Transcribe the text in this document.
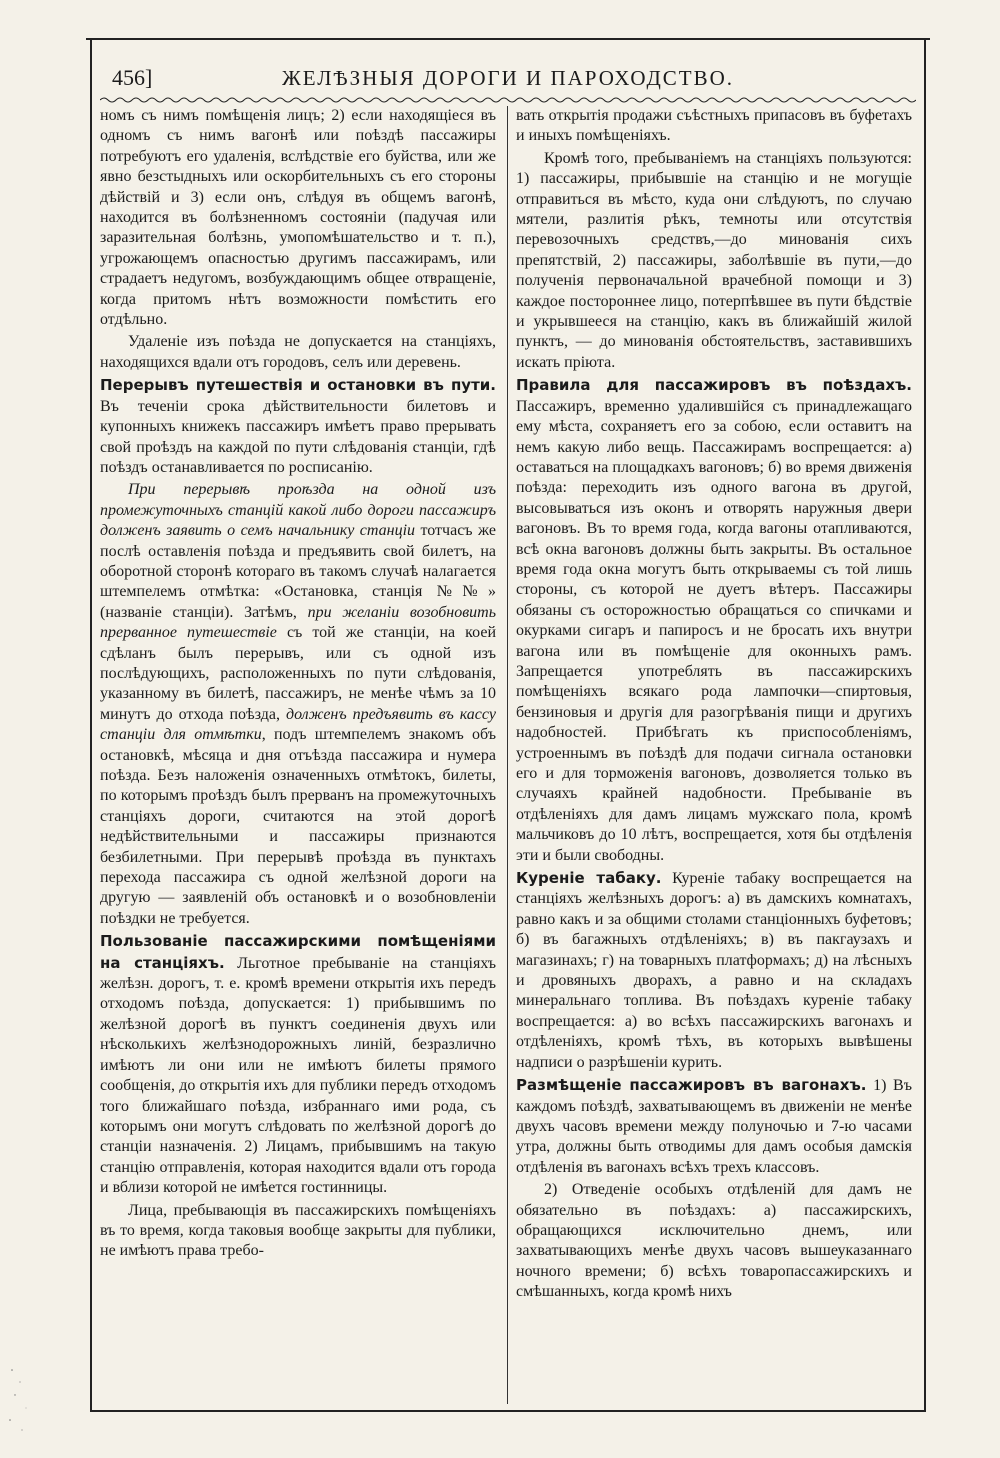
456]	ЖЕЛѢЗНЫЯ ДОРОГИ И ПАРОХОДСТВО.

номъ съ нимъ помѣщенія лицъ; 2) если находящіеся въ одномъ съ нимъ вагонѣ или поѣздѣ пассажиры потребуютъ его удаленія, вслѣдствіе его буйства, или же явно безстыдныхъ или оскорбительныхъ съ его стороны дѣйствій и 3) если онъ, слѣдуя въ общемъ вагонѣ, находится въ болѣзненномъ состояніи (падучая или заразительная болѣзнь, умопомѣшательство и т. п.), угрожающемъ опасностью другимъ пассажирамъ, или страдаетъ недугомъ, возбуждающимъ общее отвращеніе, когда притомъ нѣтъ возможности помѣстить его отдѣльно.

Удаленіе изъ поѣзда не допускается на станціяхъ, находящихся вдали отъ городовъ, селъ или деревень.

Перерывъ путешествія и остановки въ пути. Въ теченіи срока дѣйствительности билетовъ и купонныхъ книжекъ пассажиръ имѣетъ право прерывать свой проѣздъ на каждой по пути слѣдованія станціи, гдѣ поѣздъ останавливается по росписанію.

При перерывѣ проѣзда на одной изъ промежуточныхъ станцій какой либо дороги пассажиръ долженъ заявить о семъ начальнику станціи тотчасъ же послѣ оставленія поѣзда и предъявить свой билетъ, на оборотной сторонѣ котораго въ такомъ случаѣ налагается штемпелемъ отмѣтка: «Остановка, станція №№» (названіе станціи). Затѣмъ, при желаніи возобновить прерванное путешествіе съ той же станціи, на коей сдѣланъ былъ перерывъ, или съ одной изъ послѣдующихъ, расположенныхъ по пути слѣдованія, указанному въ билетѣ, пассажиръ, не менѣе чѣмъ за 10 минутъ до отхода поѣзда, долженъ предъявить въ кассу станціи для отмѣтки, подъ штемпелемъ знакомъ объ остановкѣ, мѣсяца и дня отъѣзда пассажира и нумера поѣзда. Безъ наложенія означенныхъ отмѣтокъ, билеты, по которымъ проѣздъ былъ прерванъ на промежуточныхъ станціяхъ дороги, считаются на этой дорогѣ недѣйствительными и пассажиры признаются безбилетными. При перерывѣ проѣзда въ пунктахъ перехода пассажира съ одной желѣзной дороги на другую — заявленій объ остановкѣ и о возобновленіи поѣздки не требуется.

Пользованіе пассажирскими помѣщеніями на станціяхъ. Льготное пребываніе на станціяхъ желѣзн. дорогъ, т. е. кромѣ времени открытія ихъ передъ отходомъ поѣзда, допускается: 1) прибывшимъ по желѣзной дорогѣ въ пунктъ соединенія двухъ или нѣсколькихъ желѣзнодорожныхъ линій, безразлично имѣютъ ли они или не имѣютъ билеты прямого сообщенія, до открытія ихъ для публики передъ отходомъ того ближайшаго поѣзда, избраннаго ими рода, съ которымъ они могутъ слѣдовать по желѣзной дорогѣ до станціи назначенія. 2) Лицамъ, прибывшимъ на такую станцію отправленія, которая находится вдали отъ города и вблизи которой не имѣется гостинницы.

Лица, пребывающія въ пассажирскихъ помѣщеніяхъ въ то время, когда таковыя вообще закрыты для публики, не имѣютъ права требо-

вать открытія продажи съѣстныхъ припасовъ въ буфетахъ и иныхъ помѣщеніяхъ.

Кромѣ того, пребываніемъ на станціяхъ пользуются: 1) пассажиры, прибывшіе на станцію и не могущіе отправиться въ мѣсто, куда они слѣдуютъ, по случаю мятели, разлитія рѣкъ, темноты или отсутствія перевозочныхъ средствъ,—до минованія сихъ препятствій, 2) пассажиры, заболѣвшіе въ пути,—до полученія первоначальной врачебной помощи и 3) каждое постороннее лицо, потерпѣвшее въ пути бѣдствіе и укрывшееся на станцію, какъ въ ближайшій жилой пунктъ, — до минованія обстоятельствъ, заставившихъ искать пріюта.

Правила для пассажировъ въ поѣздахъ. Пассажиръ, временно удалившійся съ принадлежащаго ему мѣста, сохраняетъ его за собою, если оставитъ на немъ какую либо вещь. Пассажирамъ воспрещается: а) оставаться на площадкахъ вагоновъ; б) во время движенія поѣзда: переходить изъ одного вагона въ другой, высовываться изъ оконъ и отворять наружныя двери вагоновъ. Въ то время года, когда вагоны отапливаются, всѣ окна вагоновъ должны быть закрыты. Въ остальное время года окна могутъ быть открываемы съ той лишь стороны, съ которой не дуетъ вѣтеръ. Пассажиры обязаны съ осторожностью обращаться со спичками и окурками сигаръ и папиросъ и не бросать ихъ внутри вагона или въ помѣщеніе для оконныхъ рамъ. Запрещается употреблять въ пассажирскихъ помѣщеніяхъ всякаго рода лампочки—спиртовыя, бензиновыя и другія для разогрѣванія пищи и другихъ надобностей. Прибѣгать къ приспособленіямъ, устроеннымъ въ поѣздѣ для подачи сигнала остановки его и для торможенія вагоновъ, дозволяется только въ случаяхъ крайней надобности. Пребываніе въ отдѣленіяхъ для дамъ лицамъ мужскаго пола, кромѣ мальчиковъ до 10 лѣтъ, воспрещается, хотя бы отдѣленія эти и были свободны.

Куреніе табаку. Куреніе табаку воспрещается на станціяхъ желѣзныхъ дорогъ: а) въ дамскихъ комнатахъ, равно какъ и за общими столами станціонныхъ буфетовъ; б) въ багажныхъ отдѣленіяхъ; в) въ пакгаузахъ и магазинахъ; г) на товарныхъ платформахъ; д) на лѣсныхъ и дровяныхъ дворахъ, а равно и на складахъ минеральнаго топлива. Въ поѣздахъ куреніе табаку воспрещается: а) во всѣхъ пассажирскихъ вагонахъ и отдѣленіяхъ, кромѣ тѣхъ, въ которыхъ вывѣшены надписи о разрѣшеніи курить.

Размѣщеніе пассажировъ въ вагонахъ. 1) Въ каждомъ поѣздѣ, захватывающемъ въ движеніи не менѣе двухъ часовъ времени между полуночью и 7-ю часами утра, должны быть отводимы для дамъ особыя дамскія отдѣленія въ вагонахъ всѣхъ трехъ классовъ.

2) Отведеніе особыхъ отдѣленій для дамъ не обязательно въ поѣздахъ: а) пассажирскихъ, обращающихся исключительно днемъ, или захватывающихъ менѣе двухъ часовъ вышеуказаннаго ночного времени; б) всѣхъ товаропассажирскихъ и смѣшанныхъ, когда кромѣ нихъ
